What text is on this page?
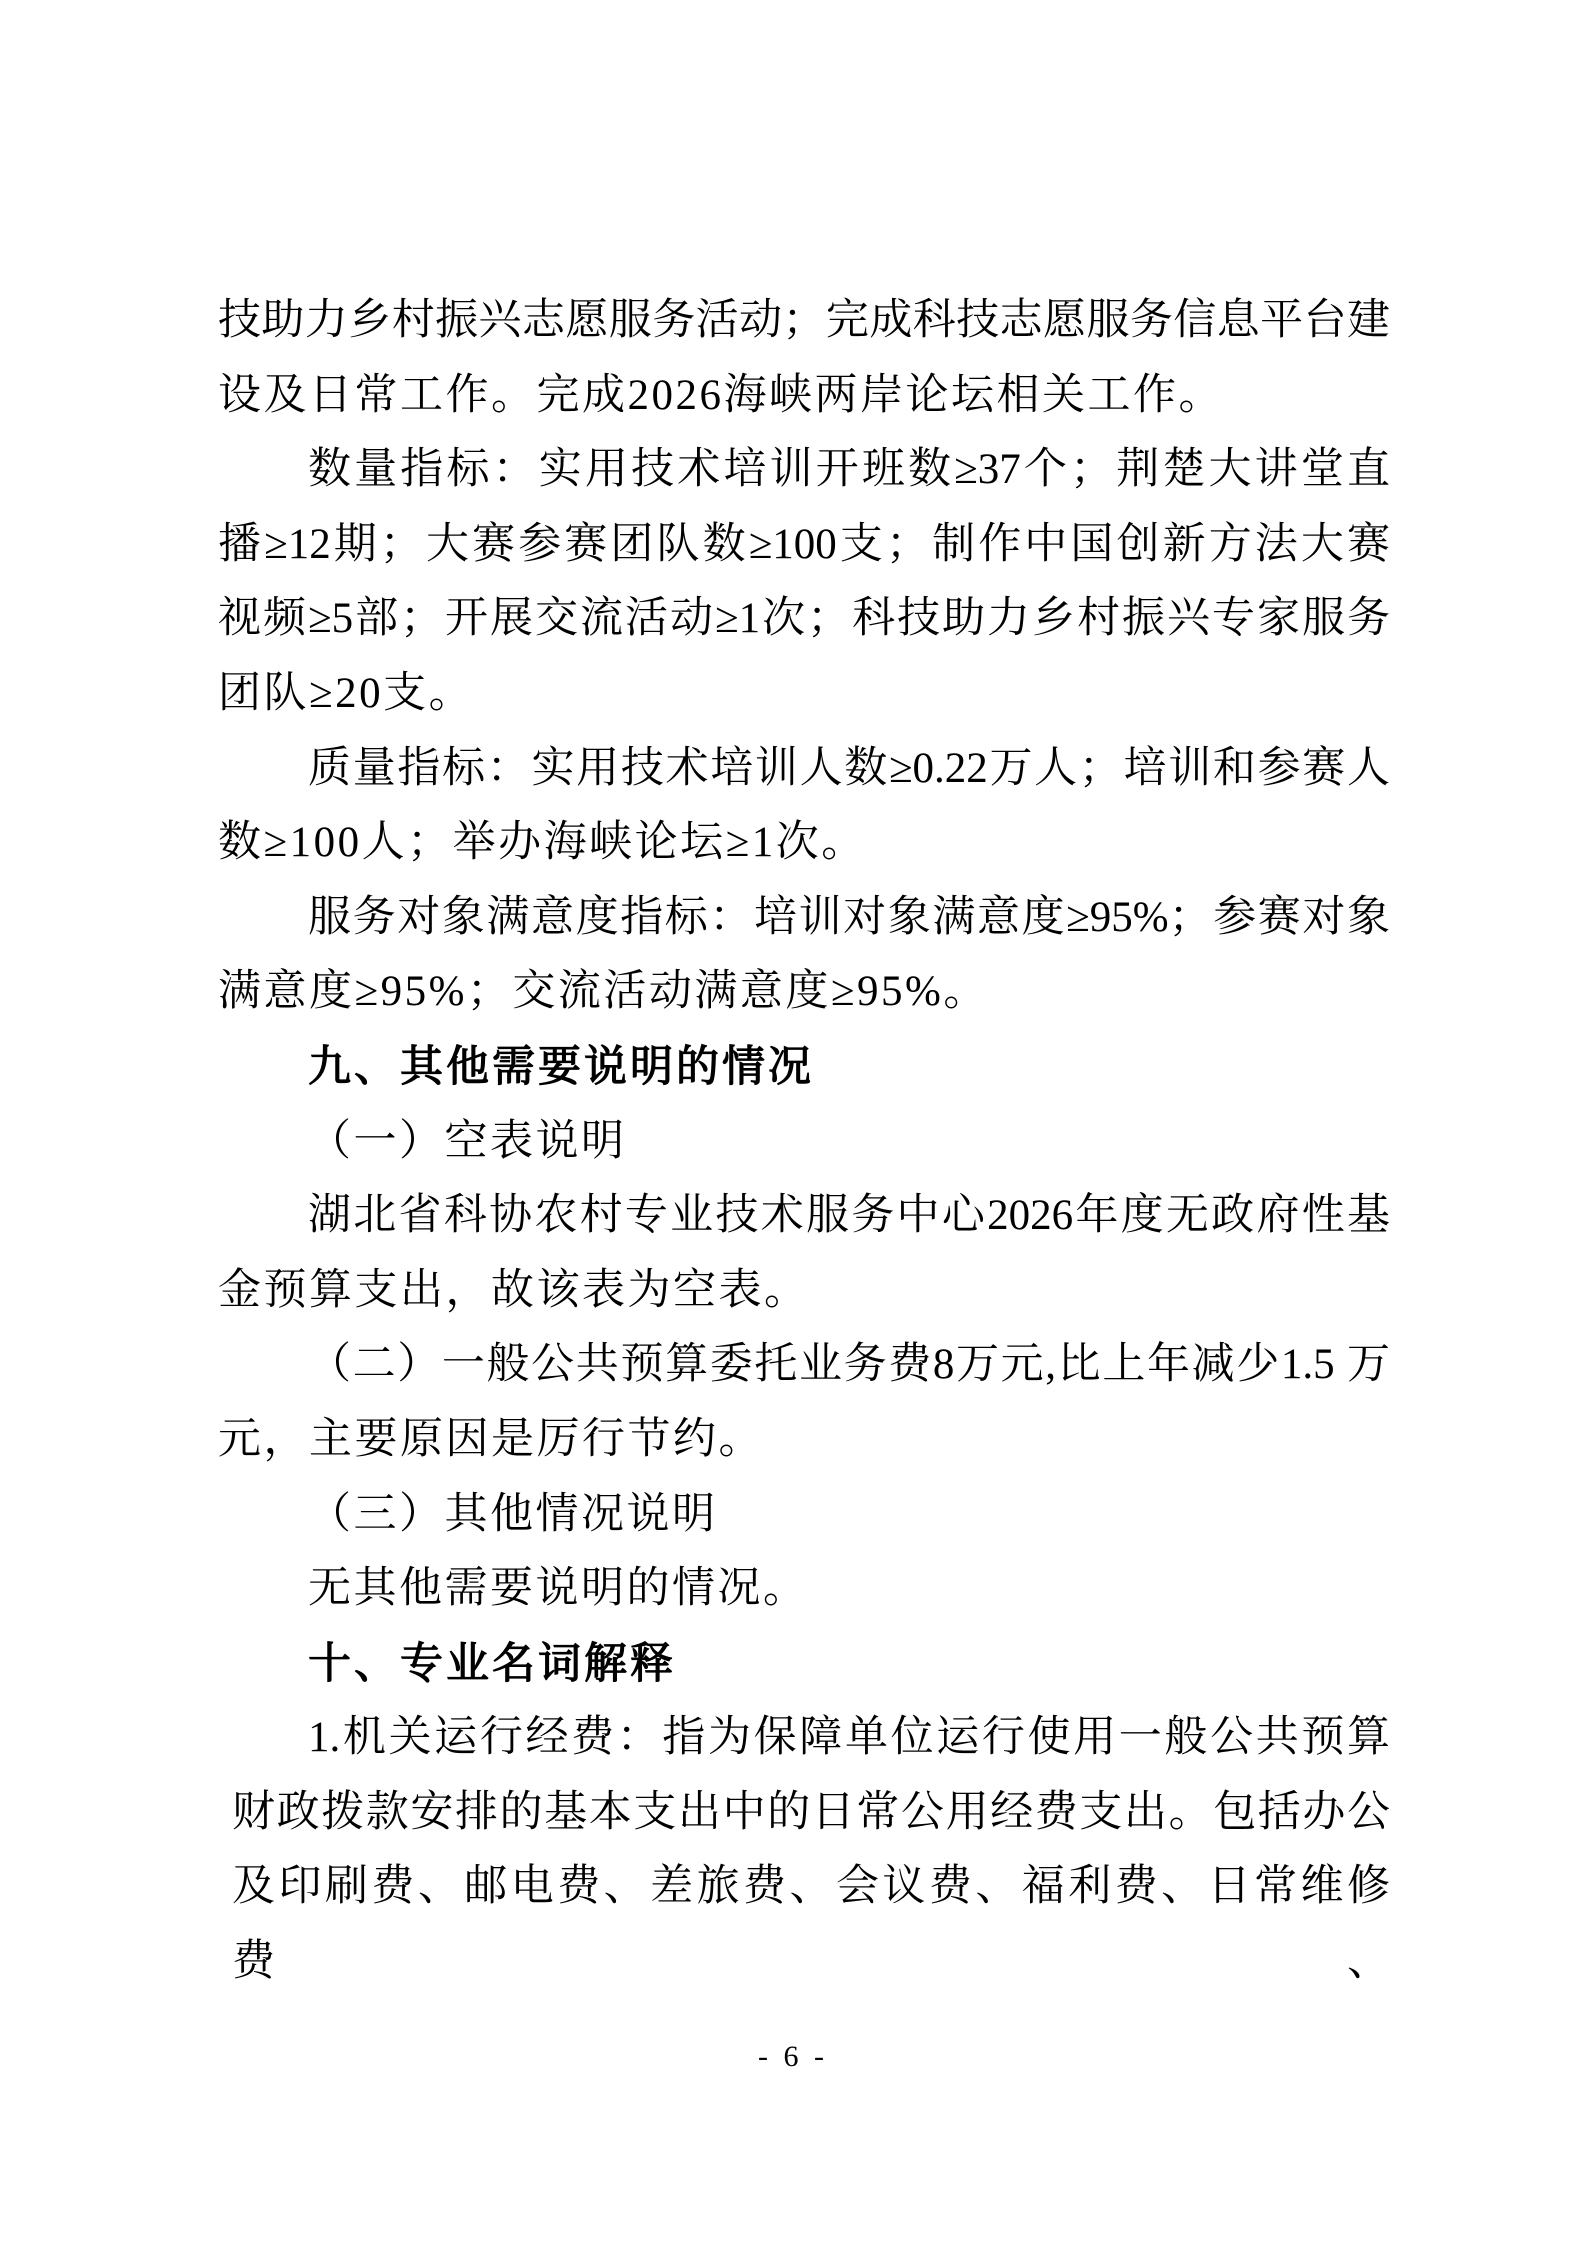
技助力乡村振兴志愿服务活动；完成科技志愿服务信息平台建
设及日常工作。完成2026海峡两岸论坛相关工作。
数量指标：实用技术培训开班数≥37个；荆楚大讲堂直
播≥12期；大赛参赛团队数≥100支；制作中国创新方法大赛
视频≥5部；开展交流活动≥1次；科技助力乡村振兴专家服务
团队≥20支。
质量指标：实用技术培训人数≥0.22万人；培训和参赛人
数≥100人；举办海峡论坛≥1次。
服务对象满意度指标：培训对象满意度≥95%；参赛对象
满意度≥95%；交流活动满意度≥95%。
九、其他需要说明的情况
（一）空表说明
湖北省科协农村专业技术服务中心2026年度无政府性基
金预算支出，故该表为空表。
（二）一般公共预算委托业务费8万元,比上年减少1.5 万
元，主要原因是厉行节约。
（三）其他情况说明
无其他需要说明的情况。
十、专业名词解释
1.机关运行经费：指为保障单位运行使用一般公共预算
财政拨款安排的基本支出中的日常公用经费支出。包括办公
及印刷费、邮电费、差旅费、会议费、福利费、日常维修费、
- 6 -
